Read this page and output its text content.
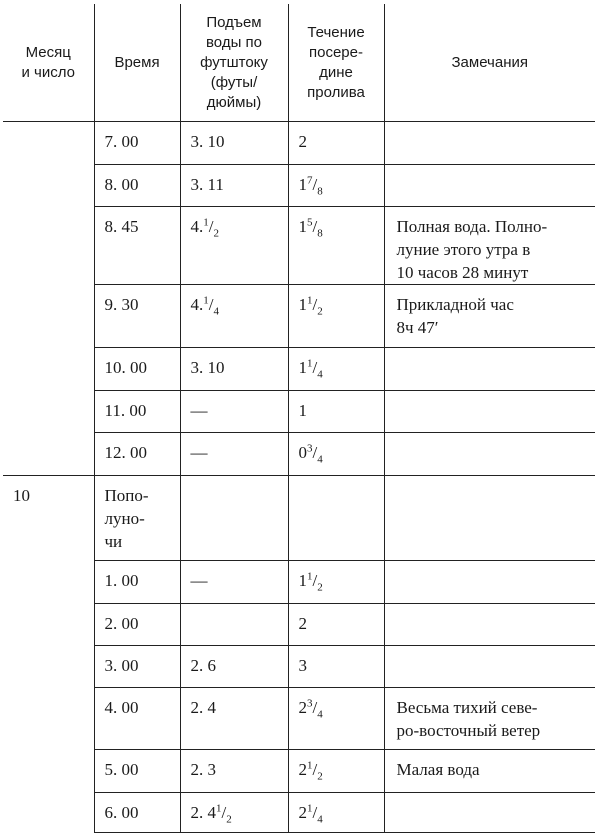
Месяц
и число	Время	Подъем
воды по
футштоку
(футы/
дюймы)	Течение
посере-
дине
пролива	Замечания
	7. 00	3. 10	2	
	8. 00	3. 11	$1^7/_8$	
	8. 45	$4.^1/_2$	$1^5/_8$	Полная вода. Полно-
луние этого утра в
10 часов 28 минут
	9. 30	$4.^1/_4$	$1^1/_2$	Прикладной час
8ч 47′
	10. 00	3. 10	$1^1/_4$	
	11. 00	—	1	
	12. 00	—	$0^3/_4$	
10	Попо-
луно-
чи			
	1. 00	—	$1^1/_2$	
	2. 00		2	
	3. 00	2. 6	3	
	4. 00	2. 4	$2^3/_4$	Весьма тихий севе-
ро-восточный ветер
	5. 00	2. 3	$2^1/_2$	Малая вода
	6. 00	2. $4^1/_2$	$2^1/_4$	
